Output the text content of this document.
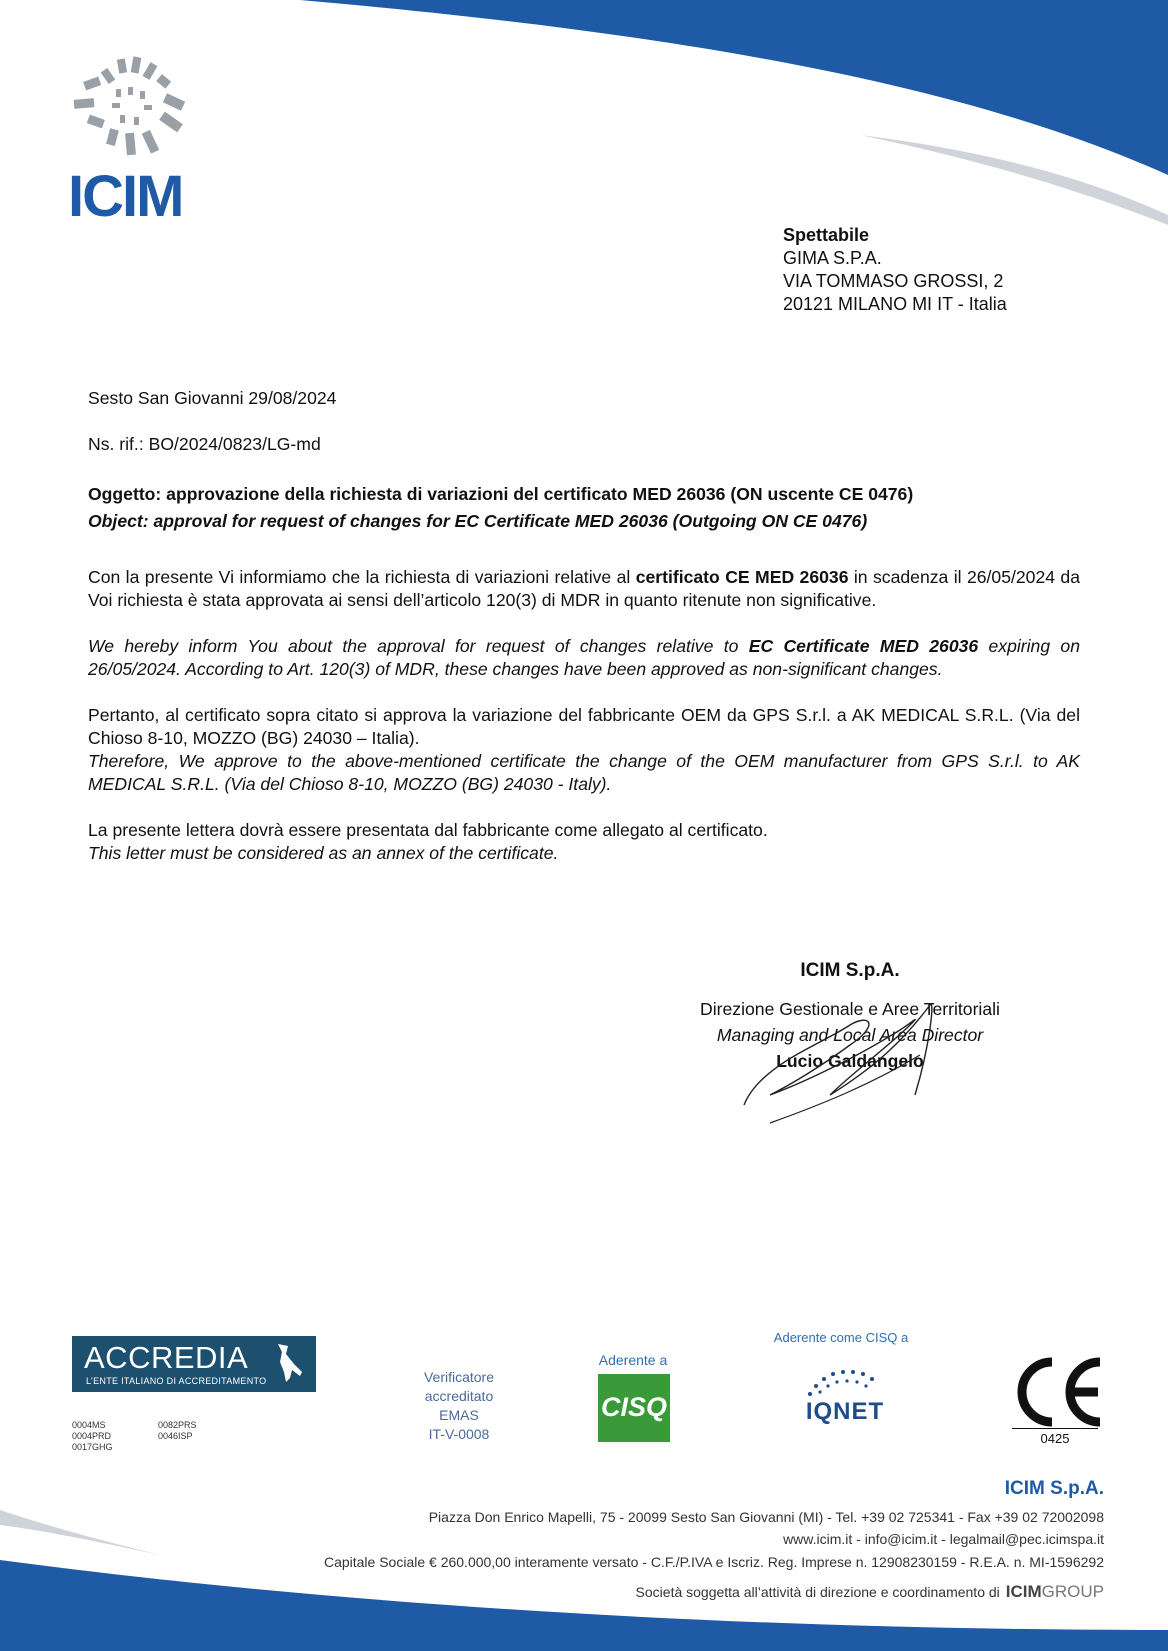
ICIM
Spettabile
GIMA S.P.A.
VIA TOMMASO GROSSI, 2
20121 MILANO MI IT - Italia
Sesto San Giovanni 29/08/2024
Ns. rif.: BO/2024/0823/LG-md
Oggetto: approvazione della richiesta di variazioni del certificato MED 26036 (ON uscente CE 0476)
Object: approval for request of changes for EC Certificate MED 26036 (Outgoing ON CE 0476)
Con la presente Vi informiamo che la richiesta di variazioni relative al certificato CE MED 26036 in scadenza il 26/05/2024 da Voi richiesta è stata approvata ai sensi dell’articolo 120(3) di MDR in quanto ritenute non significative.
We hereby inform You about the approval for request of changes relative to EC Certificate MED 26036 expiring on 26/05/2024. According to Art. 120(3) of MDR, these changes have been approved as non-significant changes.
Pertanto, al certificato sopra citato si approva la variazione del fabbricante OEM da GPS S.r.l. a AK MEDICAL S.R.L. (Via del Chioso 8-10, MOZZO (BG) 24030 – Italia).
Therefore, We approve to the above-mentioned certificate the change of the OEM manufacturer from GPS S.r.l. to AK MEDICAL S.R.L. (Via del Chioso 8-10, MOZZO (BG) 24030 - Italy).
La presente lettera dovrà essere presentata dal fabbricante come allegato al certificato.
This letter must be considered as an annex of the certificate.
ICIM S.p.A.
Direzione Gestionale e Aree Territoriali
Managing and Local Area Director
Lucio Galdangelo
ACCREDIA
L’ENTE ITALIANO DI ACCREDITAMENTO
0004MS
0004PRD
0082PRS
0046ISP
0017GHG
Verificatore
accreditato
EMAS
IT-V-0008
Aderente a
CISQ
Aderente come CISQ a
IQNET
0425
ICIM S.p.A.
Piazza Don Enrico Mapelli, 75 - 20099 Sesto San Giovanni (MI) - Tel. +39 02 725341 - Fax +39 02 72002098
www.icim.it - info@icim.it - legalmail@pec.icimspa.it
Capitale Sociale € 260.000,00 interamente versato - C.F./P.IVA e Iscriz. Reg. Imprese n. 12908230159 - R.E.A. n. MI-1596292
Società soggetta all’attività di direzione e coordinamento di ICIMGROUP
